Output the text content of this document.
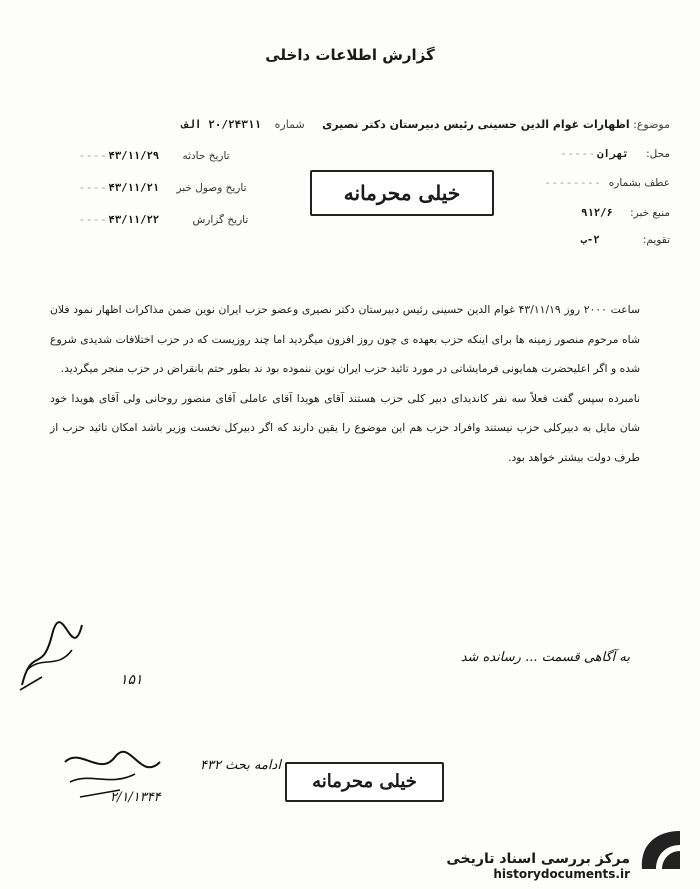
گزارش اطلاعات داخلی
موضوع: اظهارات غوام الدین حسینی رئیس دبیرستان دکتر نصیری شماره ۲۰/۲۴۳۱۱ الف
محل: تهران - - - - -
عطف بشماره - - - - - - - -
منبع خبر: ۹۱۲/۶
تقویم: ۲-ب
تاریخ حادثه ۴۳/۱۱/۲۹ - - - -
تاریخ وصول خبر ۴۳/۱۱/۲۱ - - - -
تاریخ گزارش ۴۳/۱۱/۲۲ - - - -
خیلی محرمانه

ساعت ۲۰۰۰ روز ۴۳/۱۱/۱۹ غوام الدین حسینی رئیس دبیرستان دکتر نصیری وعضو حزب ایران نوین ضمن مذاکرات اظهار نمود فلان شاه مرحوم منصور زمینه ها برای اینکه حزب بعهده ی چون روز افزون میگردید اما چند روزیست که در حزب اختلافات شدیدی شروع شده و اگر اعلیحضرت همایونی فرمایشاتی در مورد تائید حزب ایران نوین ننموده بود ند بطور حتم بانقراض در حزب منجر میگردید.

نامبرده سپس گفت فعلاً سه نفر کاندیدای دبیر کلی حزب هستند آقای هویدا آقای عاملی آقای منصور روحانی ولی آقای هویدا خود شان مایل به دبیرکلی حزب نیستند وافراد حزب هم این موضوع را یقین دارند که اگر دبیرکل نخست وزیر باشد امکان تائید حزب از طرف دولت بیشتر خواهد بود.

به آگاهی قسمت ... رسانده شد
۱۵۱
ادامه بحث ۴۳۲
۲/۱/۱۳۴۴
خیلی محرمانه
مرکز بررسی اسناد تاریخی
historydocuments.ir
